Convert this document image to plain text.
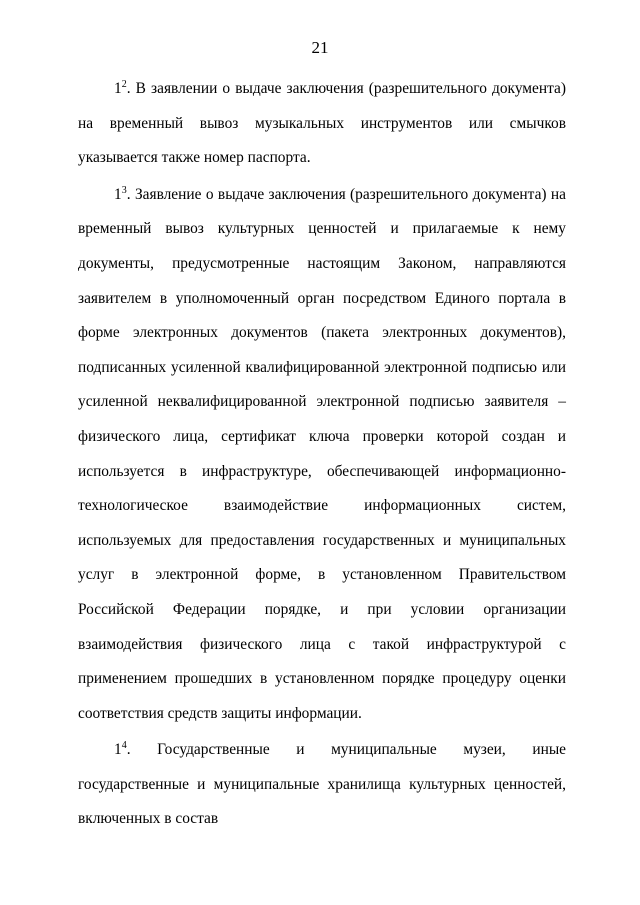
21

$1^2$. В заявлении о выдаче заключения (разрешительного документа) на временный вывоз музыкальных инструментов или смычков указывается также номер паспорта.

$1^3$. Заявление о выдаче заключения (разрешительного документа) на временный вывоз культурных ценностей и прилагаемые к нему документы, предусмотренные настоящим Законом, направляются заявителем в уполномоченный орган посредством Единого портала в форме электронных документов (пакета электронных документов), подписанных усиленной квалифицированной электронной подписью или усиленной неквалифицированной электронной подписью заявителя – физического лица, сертификат ключа проверки которой создан и используется в инфраструктуре, обеспечивающей информационно-технологическое взаимодействие информационных систем, используемых для предоставления государственных и муниципальных услуг в электронной форме, в установленном Правительством Российской Федерации порядке, и при условии организации взаимодействия физического лица с такой инфраструктурой с применением прошедших в установленном порядке процедуру оценки соответствия средств защиты информации.

$1^4$. Государственные и муниципальные музеи, иные государственные и муниципальные хранилища культурных ценностей, включенных в состав
